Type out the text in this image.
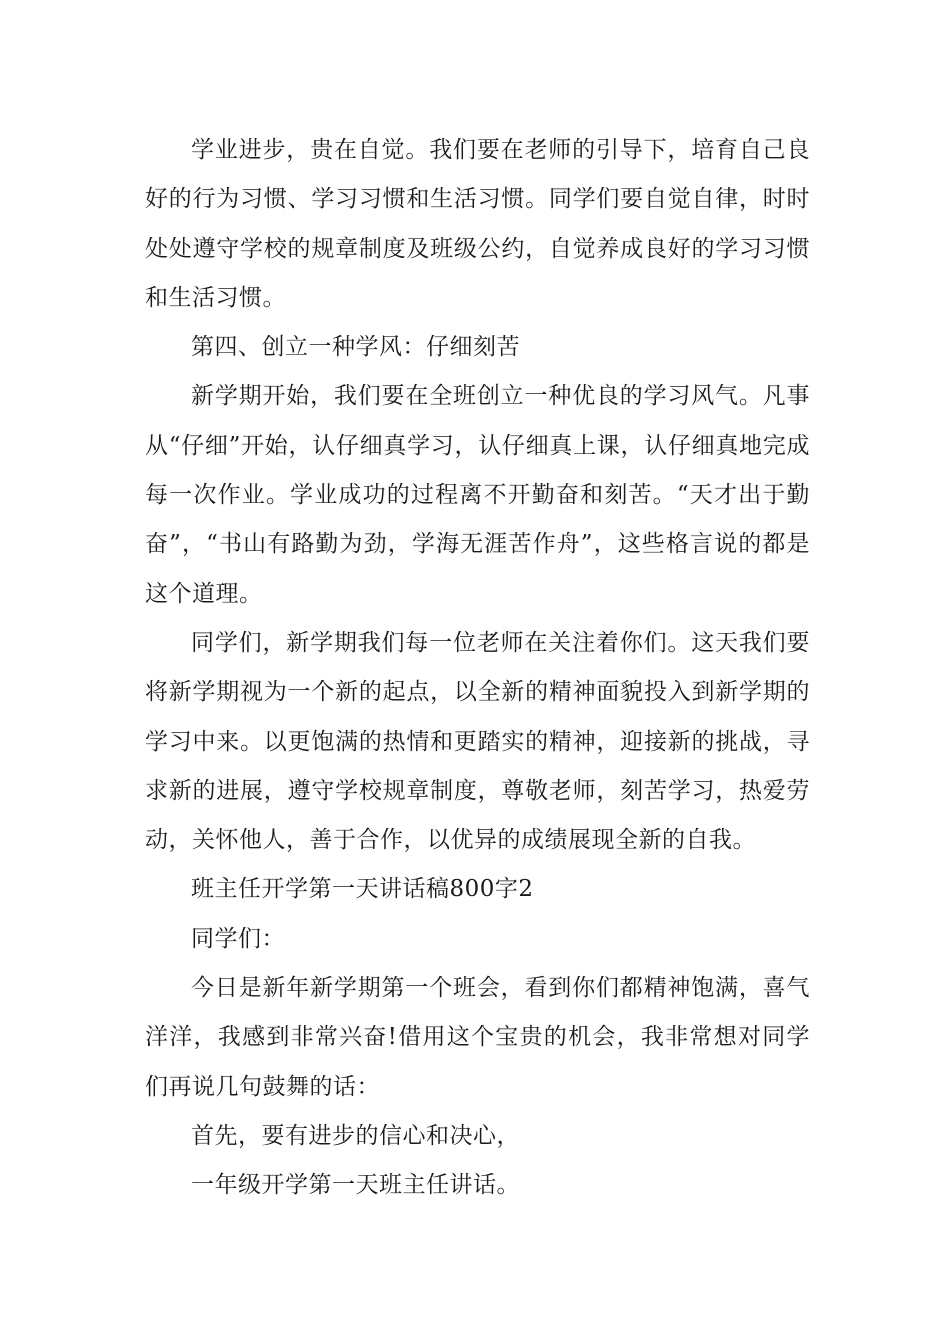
学业进步，贵在自觉。我们要在老师的引导下，培育自己良好的行为习惯、学习习惯和生活习惯。同学们要自觉自律，时时处处遵守学校的规章制度及班级公约，自觉养成良好的学习习惯和生活习惯。

第四、创立一种学风：仔细刻苦

新学期开始，我们要在全班创立一种优良的学习风气。凡事从“仔细”开始，认仔细真学习，认仔细真上课，认仔细真地完成每一次作业。学业成功的过程离不开勤奋和刻苦。“天才出于勤奋”，“书山有路勤为劲，学海无涯苦作舟”，这些格言说的都是这个道理。

同学们，新学期我们每一位老师在关注着你们。这天我们要将新学期视为一个新的起点，以全新的精神面貌投入到新学期的学习中来。以更饱满的热情和更踏实的精神，迎接新的挑战，寻求新的进展，遵守学校规章制度，尊敬老师，刻苦学习，热爱劳动，关怀他人，善于合作，以优异的成绩展现全新的自我。

班主任开学第一天讲话稿800字2

同学们：

今日是新年新学期第一个班会，看到你们都精神饱满，喜气洋洋，我感到非常兴奋!借用这个宝贵的机会，我非常想对同学们再说几句鼓舞的话：

首先，要有进步的信心和决心，

一年级开学第一天班主任讲话。
